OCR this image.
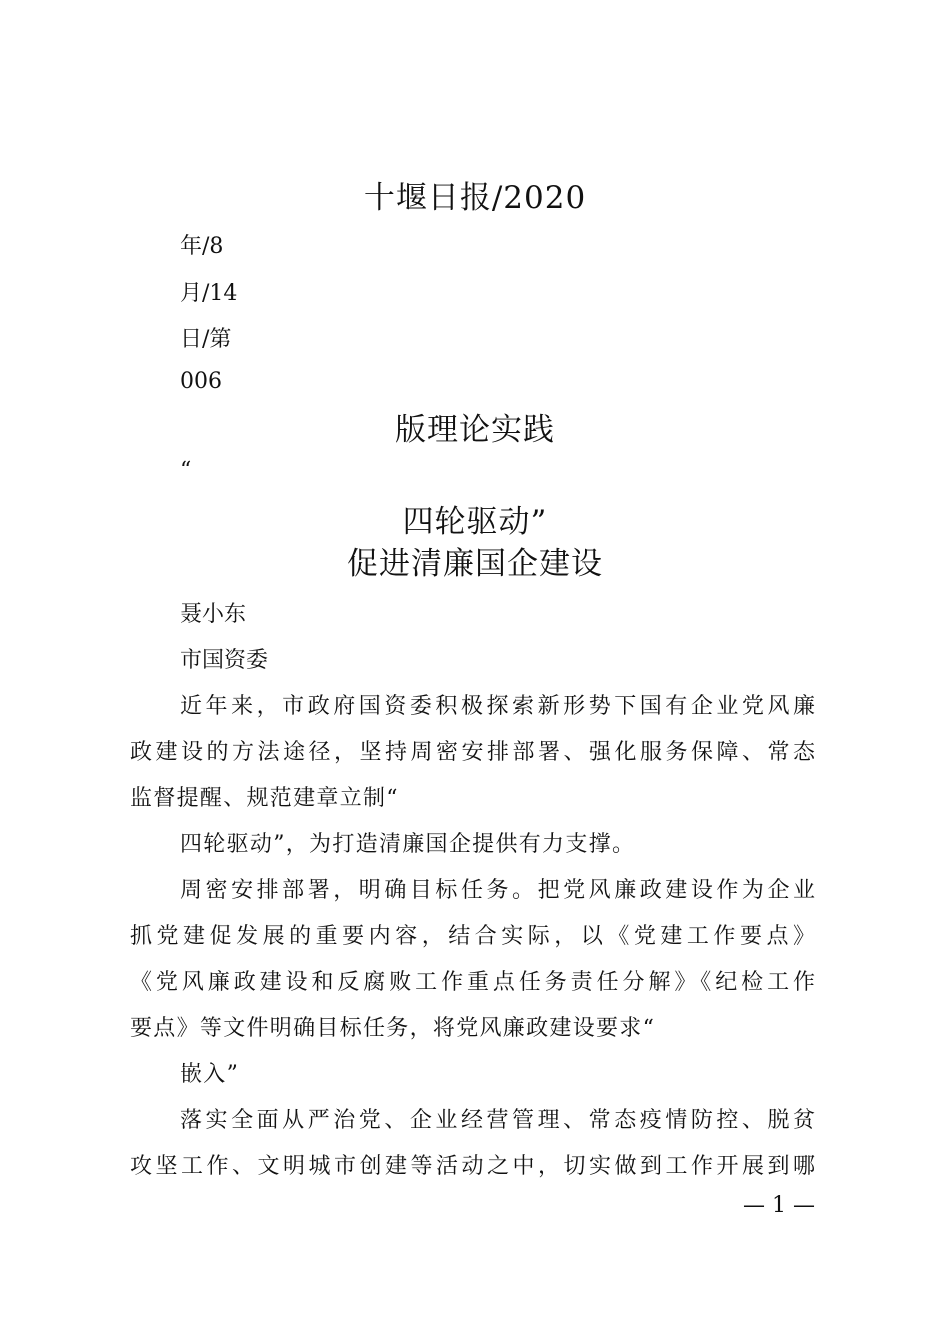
十堰日报/2020
年/8
月/14
日/第
006
版理论实践
“
四轮驱动”
促进清廉国企建设
聂小东
市国资委
近年来，市政府国资委积极探索新形势下国有企业党风廉
政建设的方法途径，坚持周密安排部署、强化服务保障、常态
监督提醒、规范建章立制“
四轮驱动”，为打造清廉国企提供有力支撑。
周密安排部署，明确目标任务。把党风廉政建设作为企业
抓党建促发展的重要内容，结合实际，以《党建工作要点》
《党风廉政建设和反腐败工作重点任务责任分解》《纪检工作
要点》等文件明确目标任务，将党风廉政建设要求“
嵌入”
落实全面从严治党、企业经营管理、常态疫情防控、脱贫
攻坚工作、文明城市创建等活动之中，切实做到工作开展到哪
— 1 —
